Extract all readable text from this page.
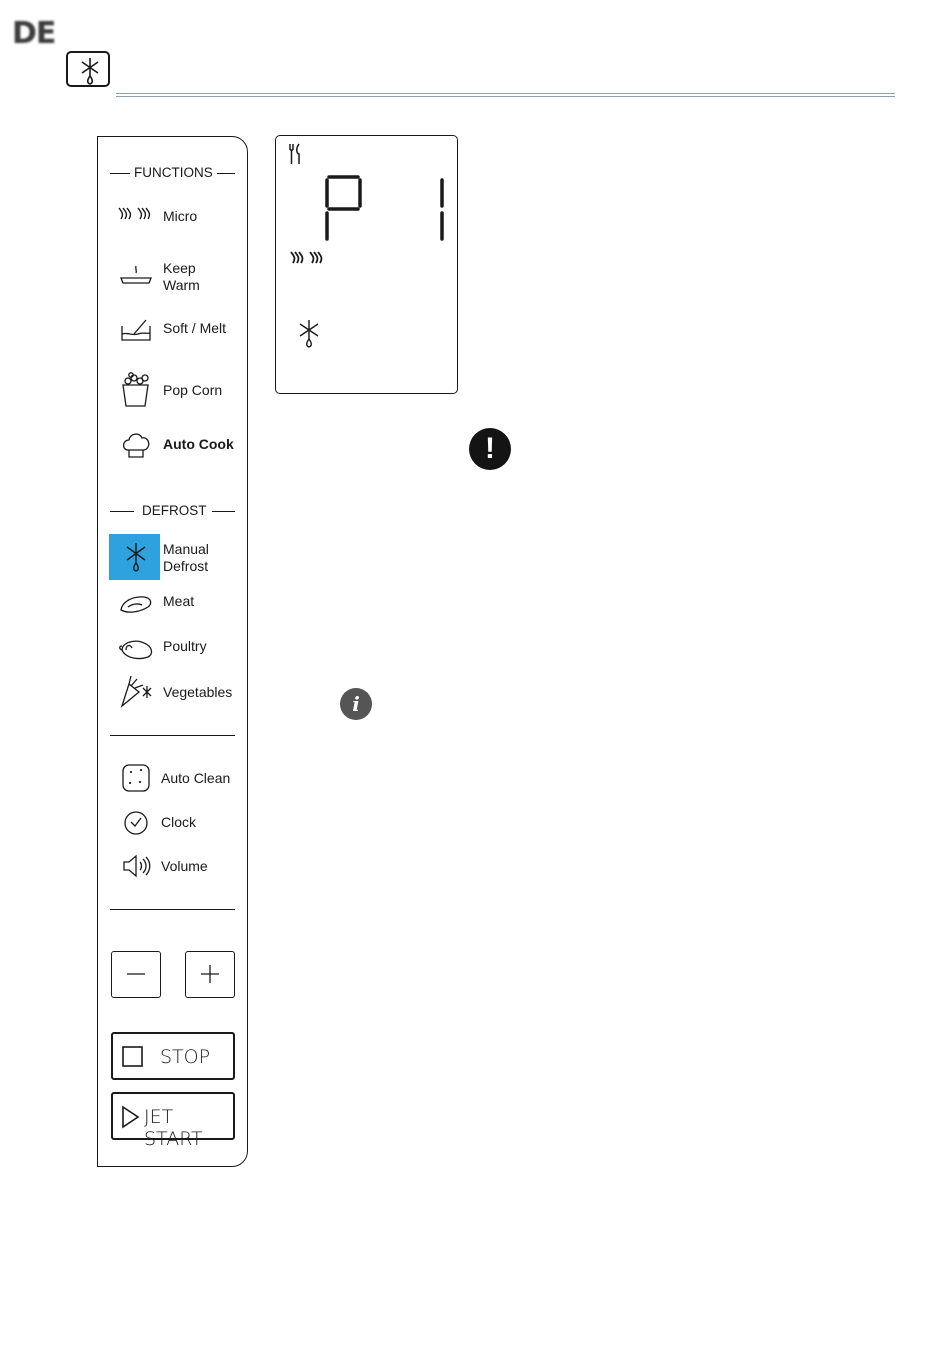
DE
FUNCTIONS
Micro
Keep
Warm
Soft / Melt
Pop Corn
Auto Cook
DEFROST
Manual
Defrost
Meat
Poultry
Vegetables
Auto Clean
Clock
Volume
STOP
JET START
!
i
